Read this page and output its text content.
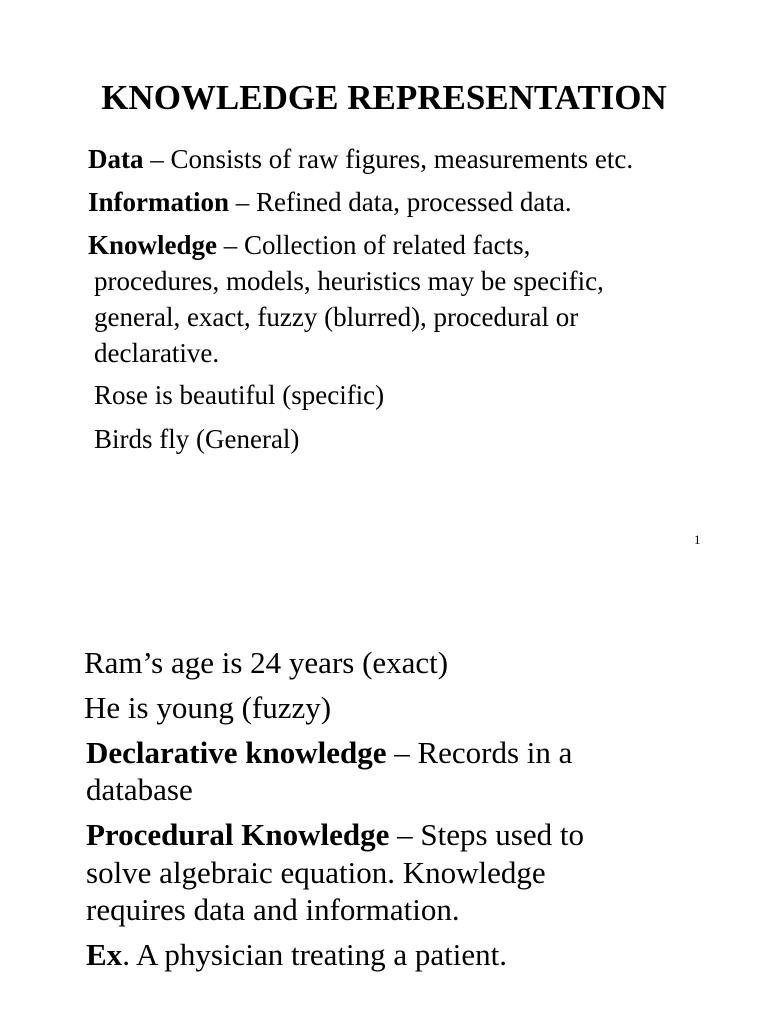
KNOWLEDGE REPRESENTATION
Data – Consists of raw figures, measurements etc.
Information – Refined data, processed data.
Knowledge – Collection of related facts,
procedures, models, heuristics may be specific,
general, exact, fuzzy (blurred), procedural or
declarative.
Rose is beautiful (specific)
Birds fly (General)
1
Ram’s age is 24 years (exact)
He is young (fuzzy)
Declarative knowledge – Records in a
database
Procedural Knowledge – Steps used to
solve algebraic equation. Knowledge
requires data and information.
Ex. A physician treating a patient.
